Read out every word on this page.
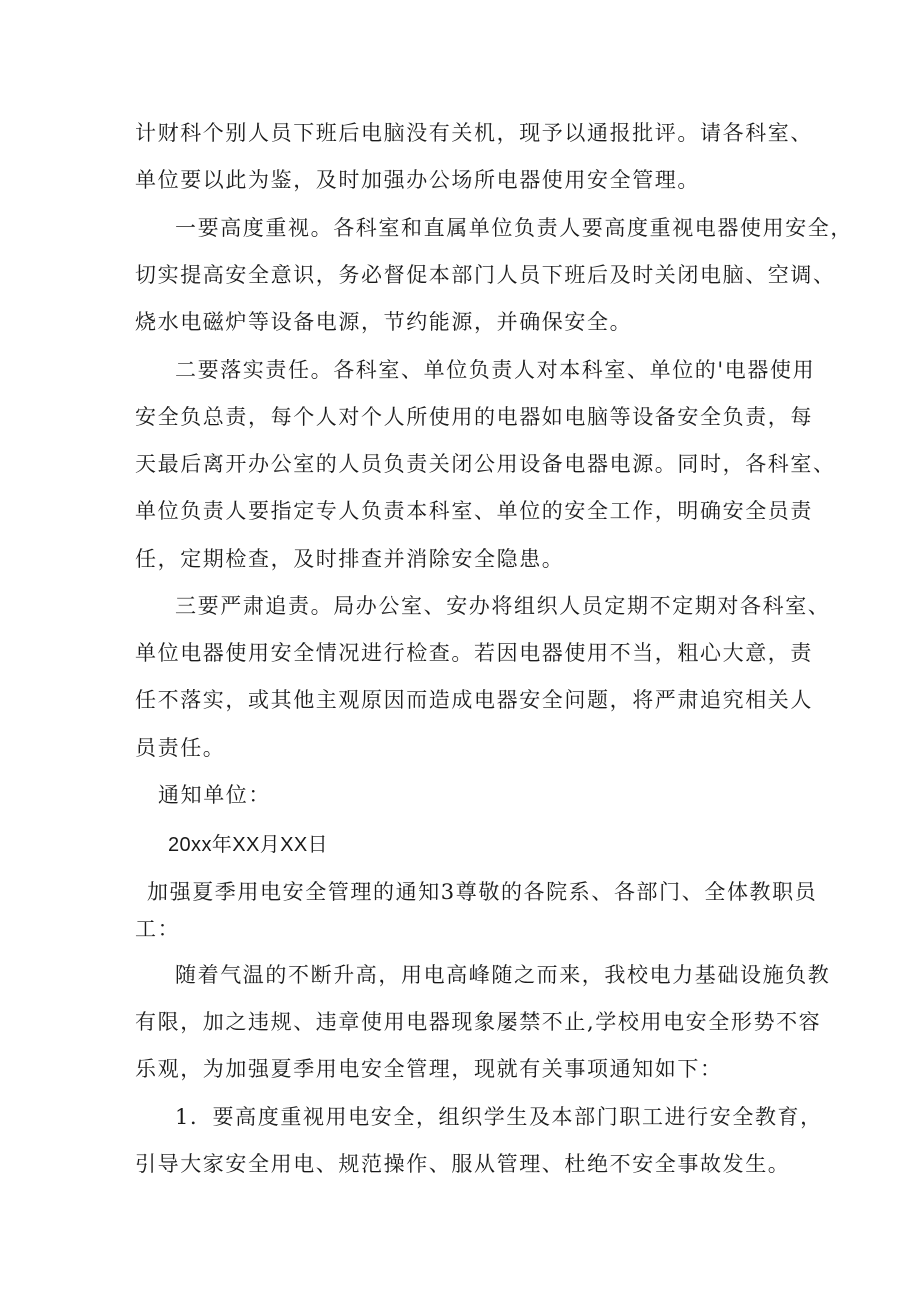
计财科个别人员下班后电脑没有关机，现予以通报批评。请各科室、
单位要以此为鉴，及时加强办公场所电器使用安全管理。
一要高度重视。各科室和直属单位负责人要高度重视电器使用安全，
切实提高安全意识，务必督促本部门人员下班后及时关闭电脑、空调、
烧水电磁炉等设备电源，节约能源，并确保安全。
二要落实责任。各科室、单位负责人对本科室、单位的'电器使用
安全负总责，每个人对个人所使用的电器如电脑等设备安全负责，每
天最后离开办公室的人员负责关闭公用设备电器电源。同时，各科室、
单位负责人要指定专人负责本科室、单位的安全工作，明确安全员责
任，定期检查，及时排查并消除安全隐患。
三要严肃追责。局办公室、安办将组织人员定期不定期对各科室、
单位电器使用安全情况进行检查。若因电器使用不当，粗心大意，责
任不落实，或其他主观原因而造成电器安全问题，将严肃追究相关人
员责任。
通知单位：
20xx年XX月XX日
加强夏季用电安全管理的通知3尊敬的各院系、各部门、全体教职员
工：
随着气温的不断升高，用电高峰随之而来，我校电力基础设施负教
有限，加之违规、违章使用电器现象屡禁不止,学校用电安全形势不容
乐观，为加强夏季用电安全管理，现就有关事项通知如下：
1．要高度重视用电安全，组织学生及本部门职工进行安全教育，
引导大家安全用电、规范操作、服从管理、杜绝不安全事故发生。
